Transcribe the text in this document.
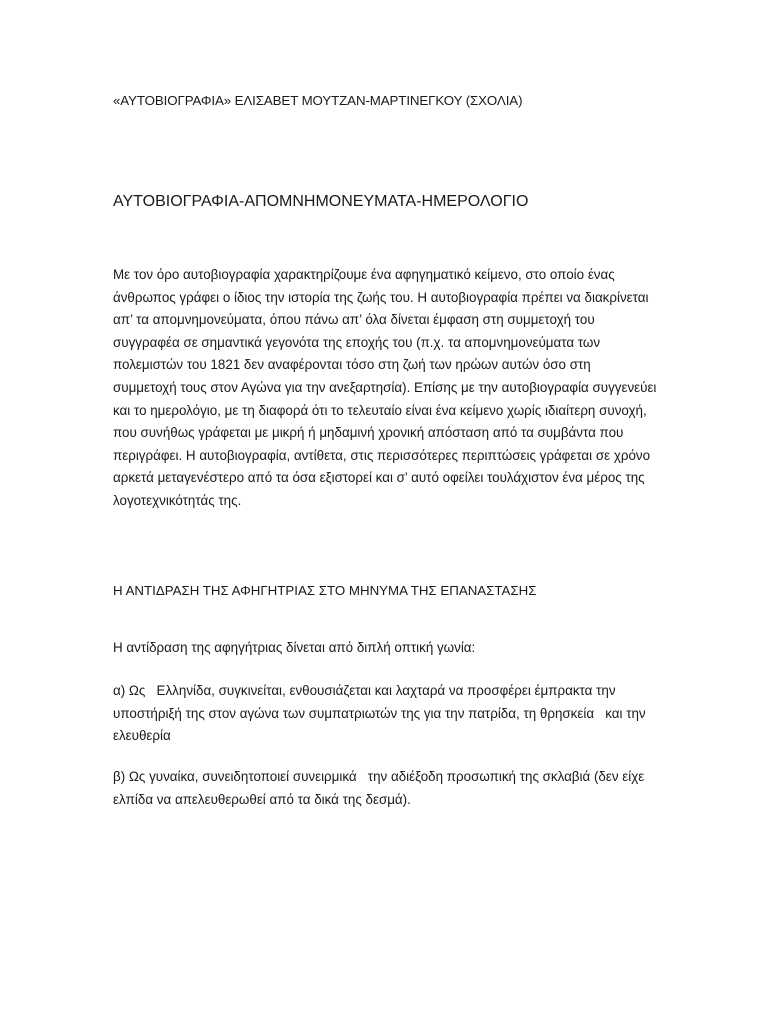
«ΑΥΤΟΒΙΟΓΡΑΦΙΑ» ΕΛΙΣΑΒΕΤ ΜΟΥΤΖΑΝ-ΜΑΡΤΙΝΕΓΚΟΥ (ΣΧΟΛΙΑ)
ΑΥΤΟΒΙΟΓΡΑΦΙΑ-ΑΠΟΜΝΗΜΟΝΕΥΜΑΤΑ-ΗΜΕΡΟΛΟΓΙΟ

Με τον όρο αυτοβιογραφία χαρακτηρίζουμε ένα αφηγηματικό κείμενο, στο οποίο ένας άνθρωπος γράφει ο ίδιος την ιστορία της ζωής του. Η αυτοβιογραφία πρέπει να διακρίνεται απ’ τα απομνημονεύματα, όπου πάνω απ’ όλα δίνεται έμφαση στη συμμετοχή του συγγραφέα σε σημαντικά γεγονότα της εποχής του (π.χ. τα απομνημονεύματα των πολεμιστών του 1821 δεν αναφέρονται τόσο στη ζωή των ηρώων αυτών όσο στη συμμετοχή τους στον Αγώνα για την ανεξαρτησία). Επίσης με την αυτοβιογραφία συγγενεύει και το ημερολόγιο, με τη διαφορά ότι το τελευταίο είναι ένα κείμενο χωρίς ιδιαίτερη συνοχή, που συνήθως γράφεται με μικρή ή μηδαμινή χρονική απόσταση από τα συμβάντα που περιγράφει. Η αυτοβιογραφία, αντίθετα, στις περισσότερες περιπτώσεις γράφεται σε χρόνο αρκετά μεταγενέστερο από τα όσα εξιστορεί και σ’ αυτό οφείλει τουλάχιστον ένα μέρος της λογοτεχνικότητάς της.

Η ΑΝΤΙΔΡΑΣΗ ΤΗΣ ΑΦΗΓΗΤΡΙΑΣ ΣΤΟ ΜΗΝΥΜΑ ΤΗΣ ΕΠΑΝΑΣΤΑΣΗΣ

Η αντίδραση της αφηγήτριας δίνεται από διπλή οπτική γωνία:

α) Ως   Ελληνίδα, συγκινείται, ενθουσιάζεται και λαχταρά να προσφέρει έμπρακτα την υποστήριξή της στον αγώνα των συμπατριωτών της για την πατρίδα, τη θρησκεία   και την ελευθερία

β) Ως γυναίκα, συνειδητοποιεί συνειρμικά   την αδιέξοδη προσωπική της σκλαβιά (δεν είχε ελπίδα να απελευθερωθεί από τα δικά της δεσμά).
